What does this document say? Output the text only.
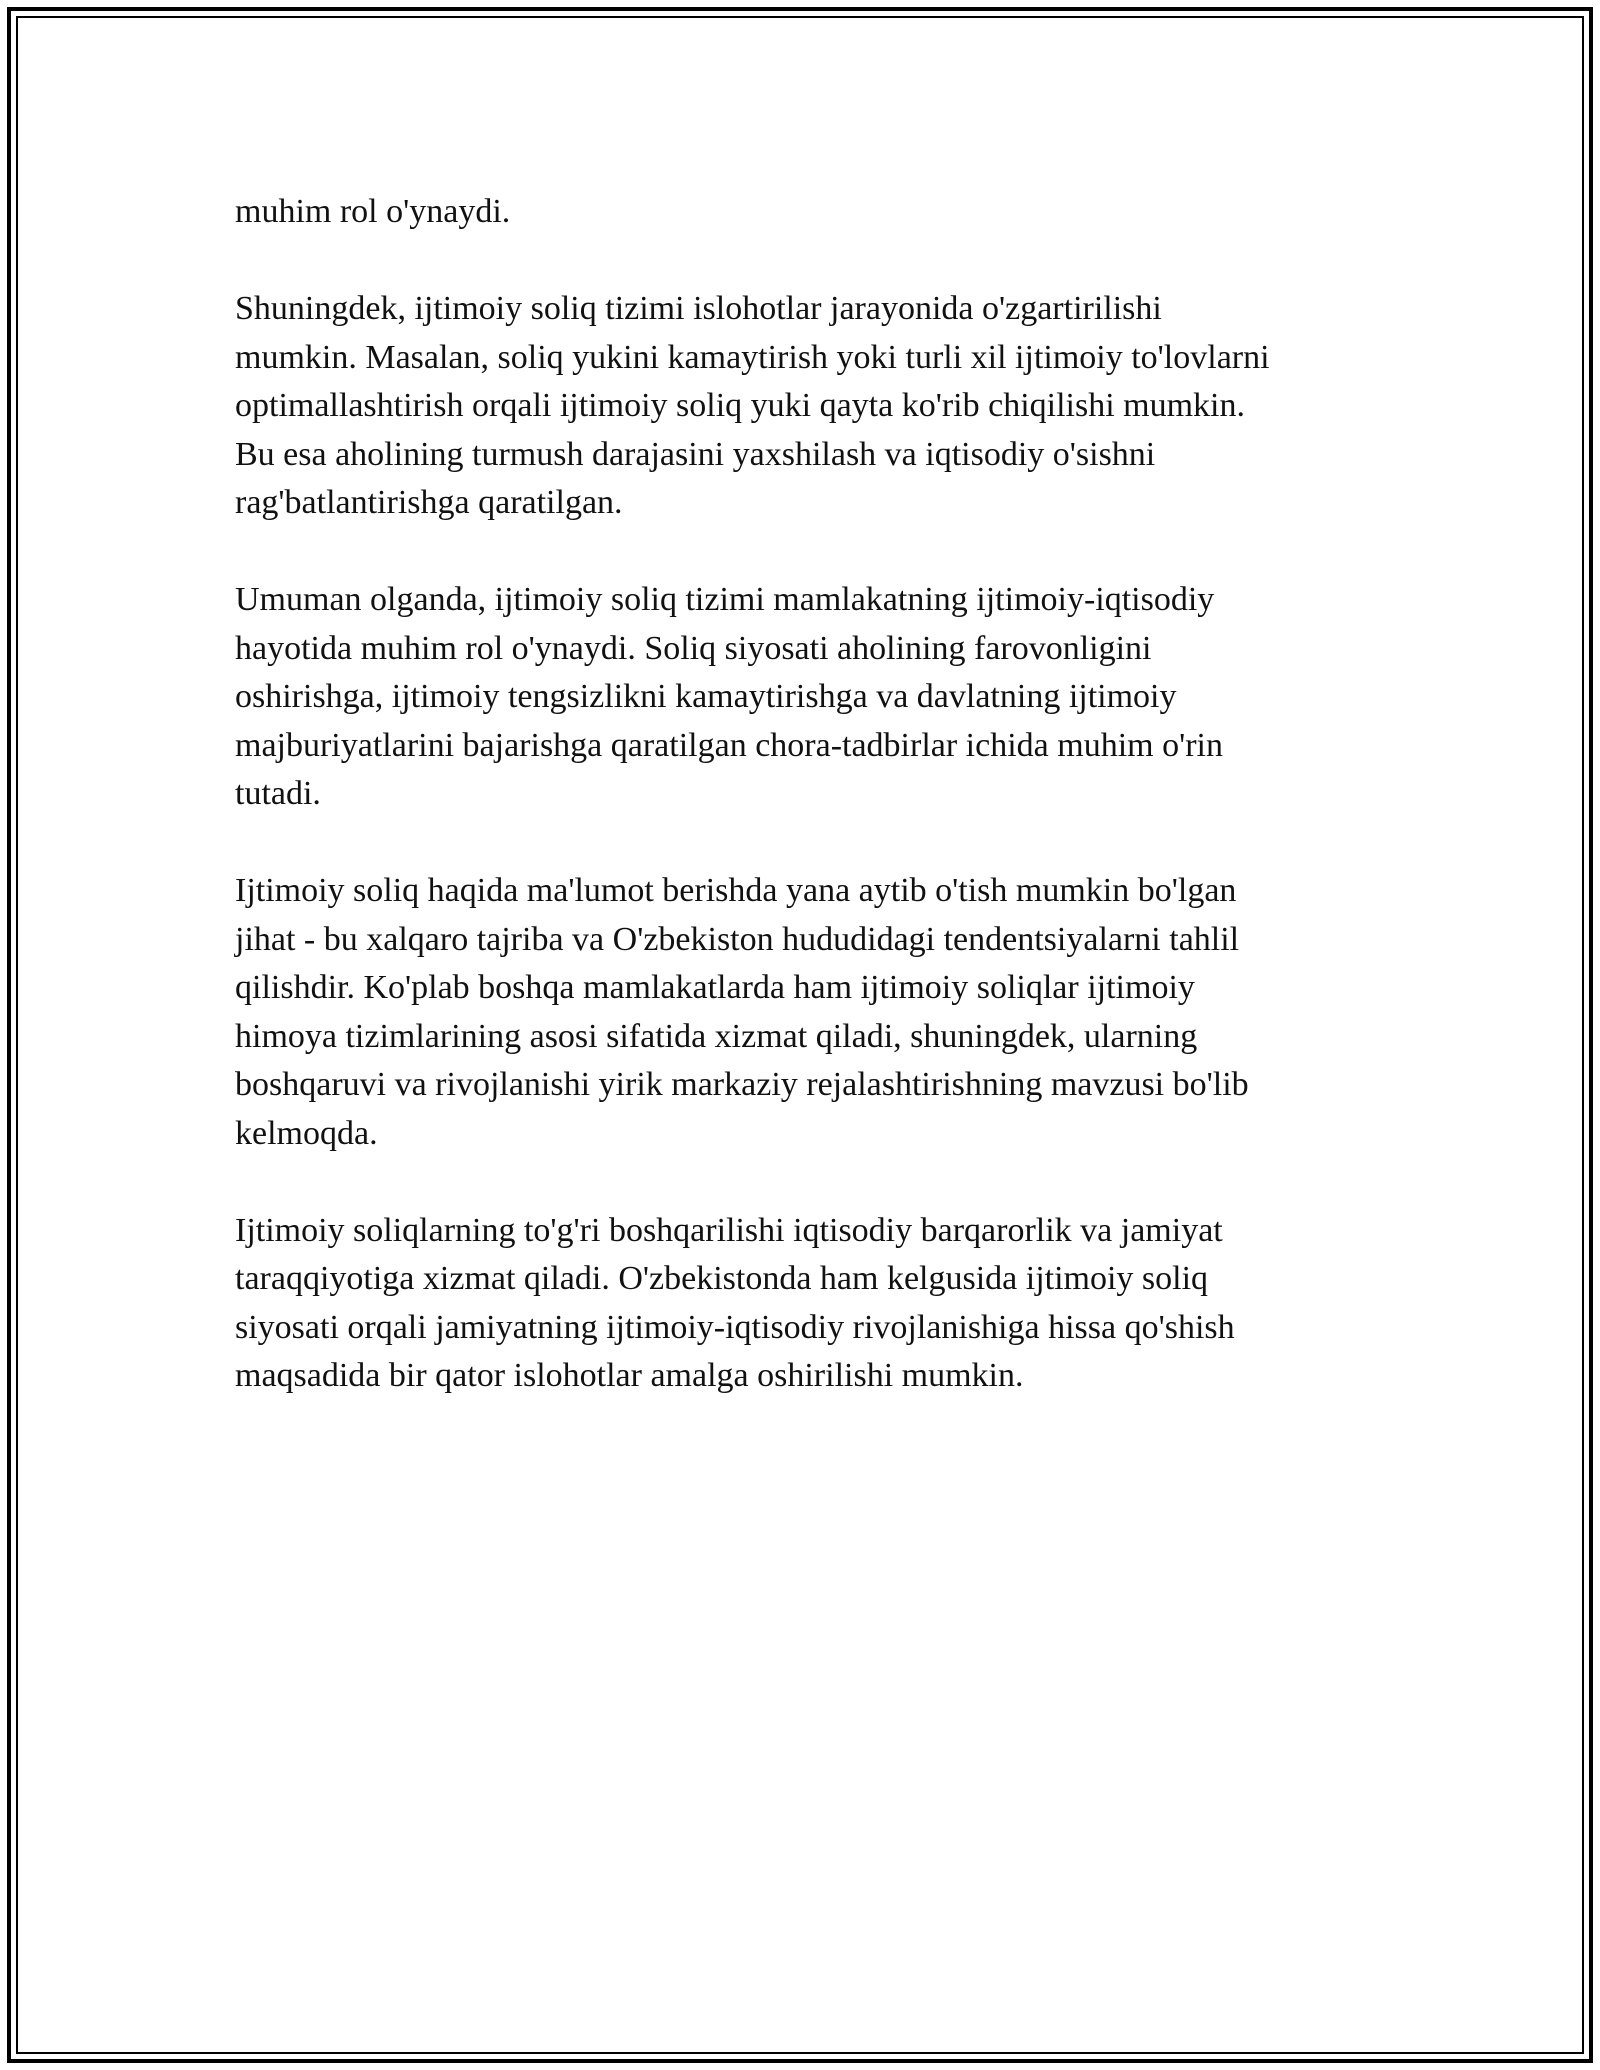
muhim rol o'ynaydi.

Shuningdek, ijtimoiy soliq tizimi islohotlar jarayonida o'zgartirilishi
mumkin. Masalan, soliq yukini kamaytirish yoki turli xil ijtimoiy to'lovlarni
optimallashtirish orqali ijtimoiy soliq yuki qayta ko'rib chiqilishi mumkin.
Bu esa aholining turmush darajasini yaxshilash va iqtisodiy o'sishni
rag'batlantirishga qaratilgan.

Umuman olganda, ijtimoiy soliq tizimi mamlakatning ijtimoiy-iqtisodiy
hayotida muhim rol o'ynaydi. Soliq siyosati aholining farovonligini
oshirishga, ijtimoiy tengsizlikni kamaytirishga va davlatning ijtimoiy
majburiyatlarini bajarishga qaratilgan chora-tadbirlar ichida muhim o'rin
tutadi.

Ijtimoiy soliq haqida ma'lumot berishda yana aytib o'tish mumkin bo'lgan
jihat - bu xalqaro tajriba va O'zbekiston hududidagi tendentsiyalarni tahlil
qilishdir. Ko'plab boshqa mamlakatlarda ham ijtimoiy soliqlar ijtimoiy
himoya tizimlarining asosi sifatida xizmat qiladi, shuningdek, ularning
boshqaruvi va rivojlanishi yirik markaziy rejalashtirishning mavzusi bo'lib
kelmoqda.

Ijtimoiy soliqlarning to'g'ri boshqarilishi iqtisodiy barqarorlik va jamiyat
taraqqiyotiga xizmat qiladi. O'zbekistonda ham kelgusida ijtimoiy soliq
siyosati orqali jamiyatning ijtimoiy-iqtisodiy rivojlanishiga hissa qo'shish
maqsadida bir qator islohotlar amalga oshirilishi mumkin.
